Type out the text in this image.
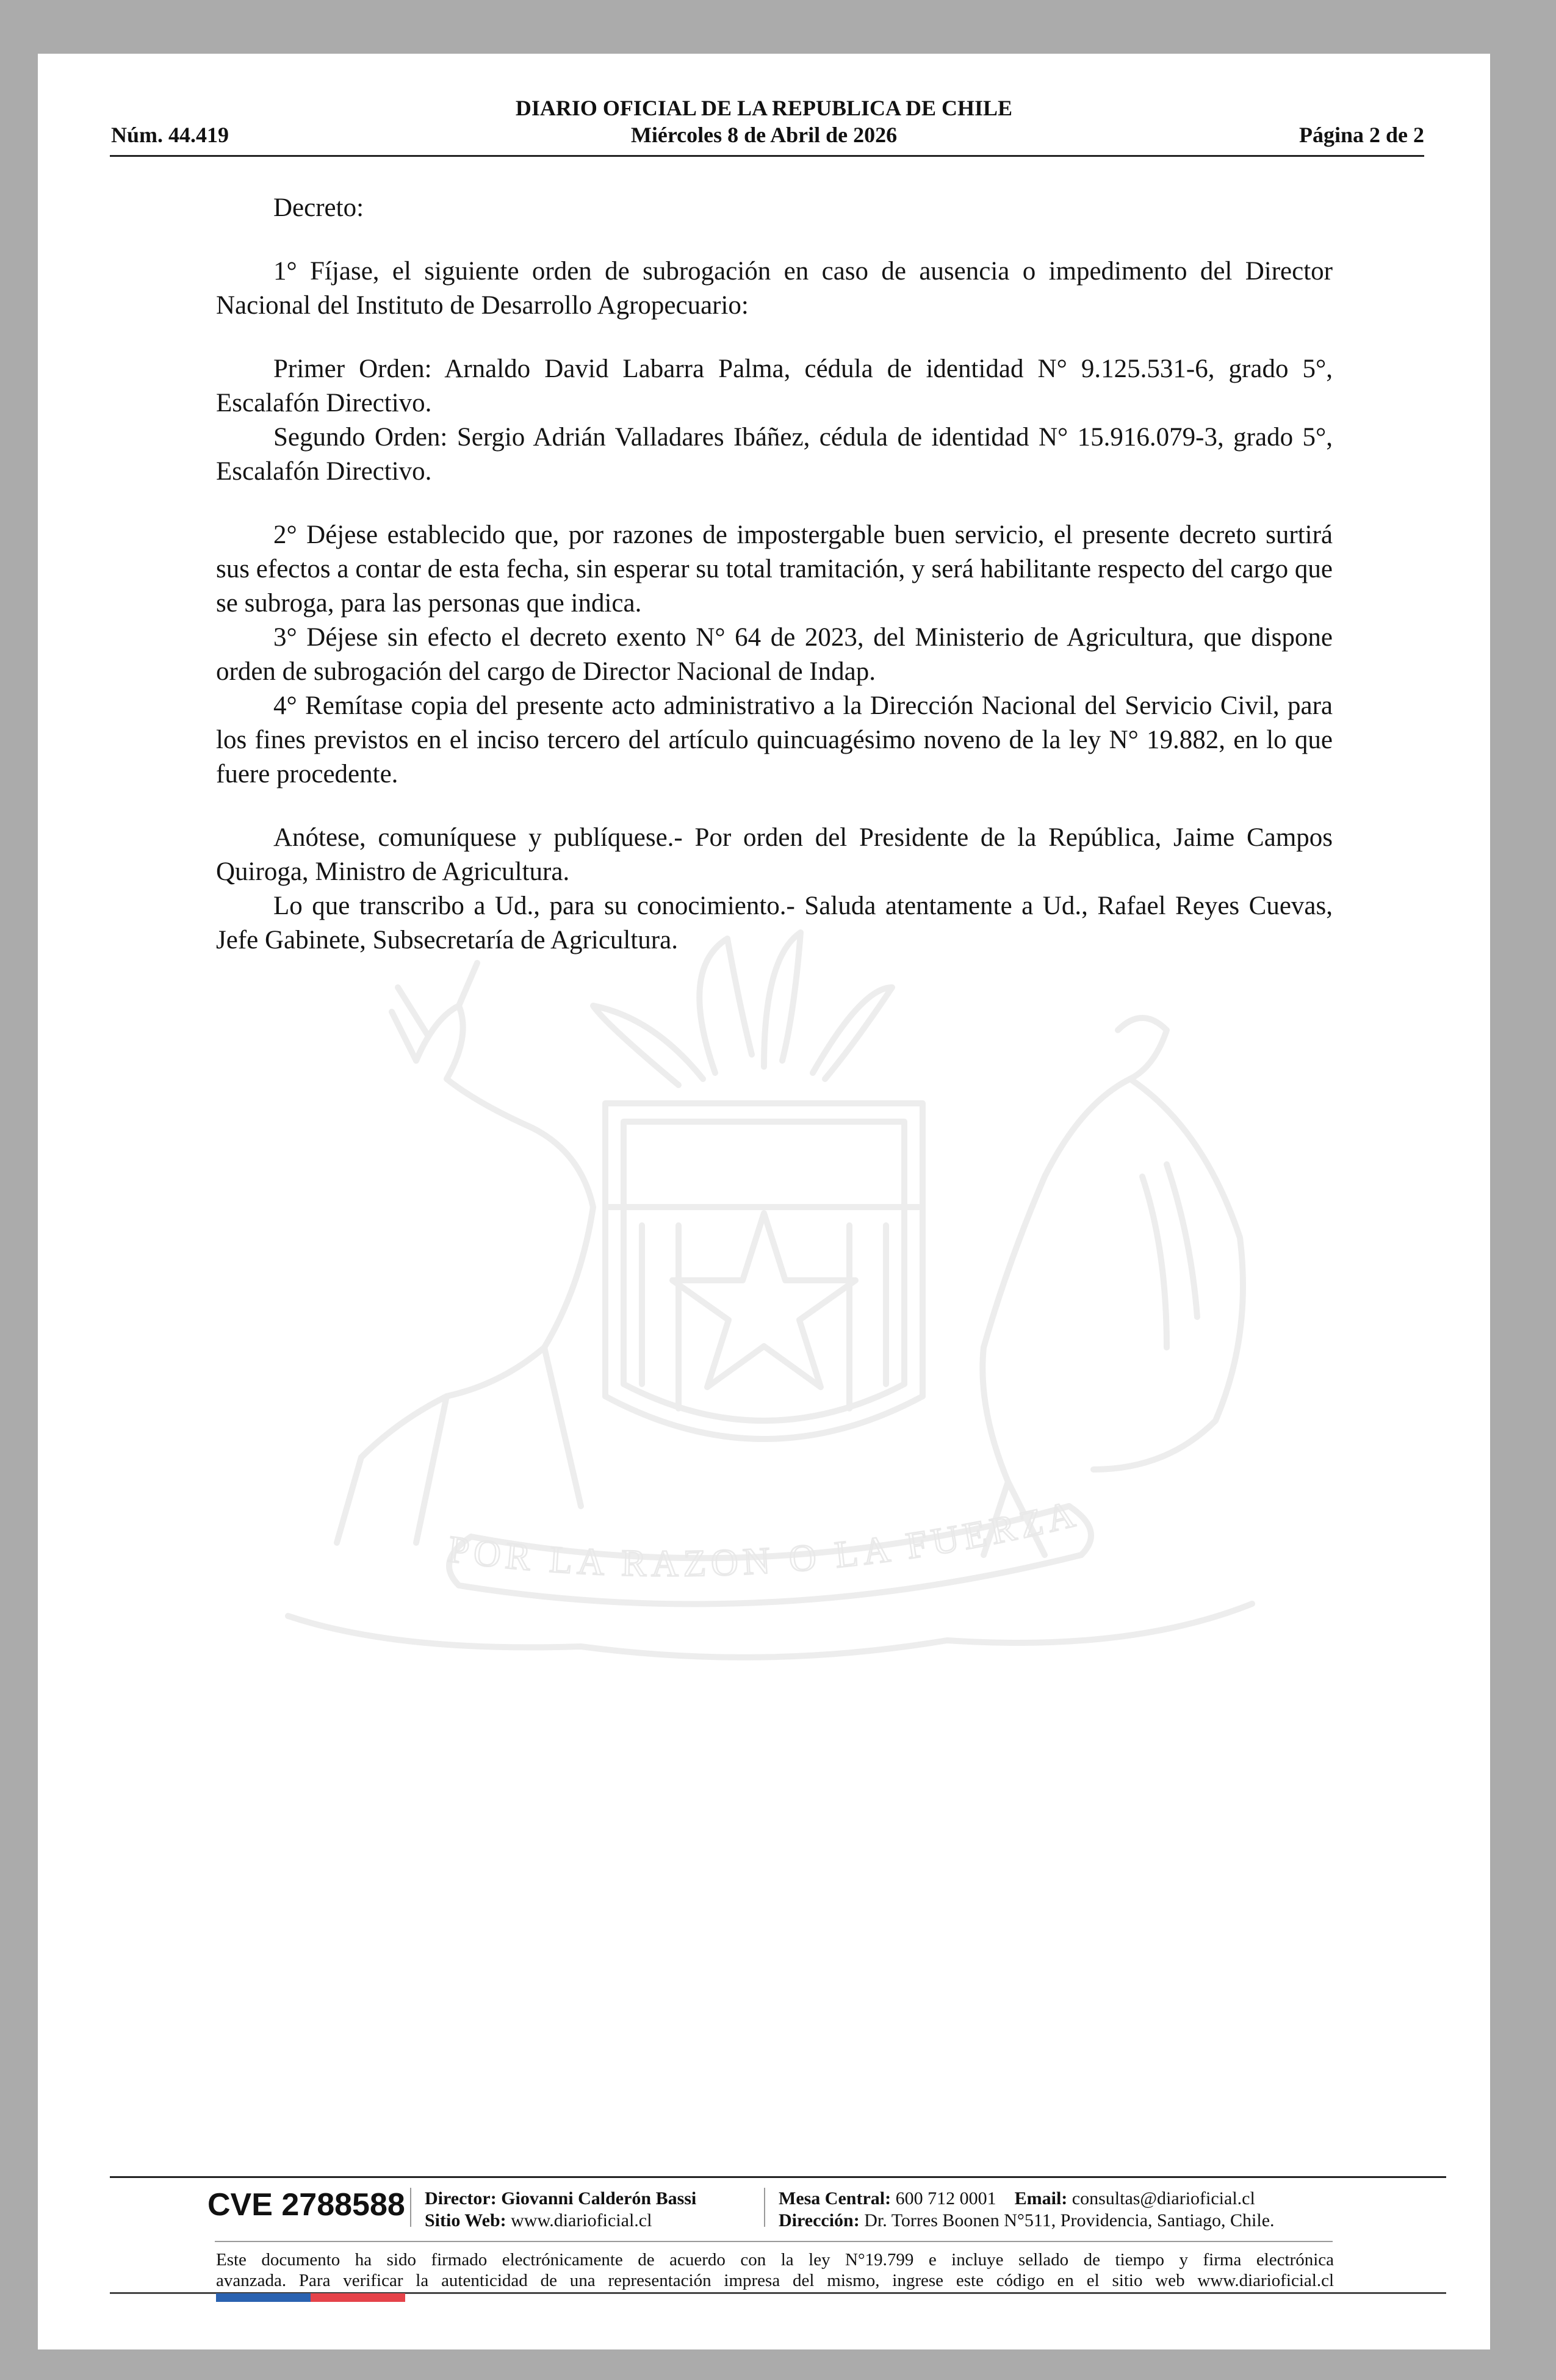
DIARIO OFICIAL DE LA REPUBLICA DE CHILE
Núm. 44.419	Miércoles 8 de Abril de 2026	Página 2 de 2
POR LA RAZON O LA FUERZA

Decreto:

1° Fíjase, el siguiente orden de subrogación en caso de ausencia o impedimento del Director Nacional del Instituto de Desarrollo Agropecuario:

Primer Orden: Arnaldo David Labarra Palma, cédula de identidad N° 9.125.531-6, grado 5°, Escalafón Directivo.

Segundo Orden: Sergio Adrián Valladares Ibáñez, cédula de identidad N° 15.916.079-3, grado 5°, Escalafón Directivo.

2° Déjese establecido que, por razones de impostergable buen servicio, el presente decreto surtirá sus efectos a contar de esta fecha, sin esperar su total tramitación, y será habilitante respecto del cargo que se subroga, para las personas que indica.

3° Déjese sin efecto el decreto exento N° 64 de 2023, del Ministerio de Agricultura, que dispone orden de subrogación del cargo de Director Nacional de Indap.

4° Remítase copia del presente acto administrativo a la Dirección Nacional del Servicio Civil, para los fines previstos en el inciso tercero del artículo quincuagésimo noveno de la ley N° 19.882, en lo que fuere procedente.

Anótese, comuníquese y publíquese.- Por orden del Presidente de la República, Jaime Campos Quiroga, Ministro de Agricultura.

Lo que transcribo a Ud., para su conocimiento.- Saluda atentamente a Ud., Rafael Reyes Cuevas, Jefe Gabinete, Subsecretaría de Agricultura.

CVE 2788588 Director: Giovanni Calderón Bassi
Sitio Web: www.diarioficial.cl
Mesa Central: 600 712 0001 Email: consultas@diarioficial.cl
Dirección: Dr. Torres Boonen N°511, Providencia, Santiago, Chile.
Este documento ha sido firmado electrónicamente de acuerdo con la ley N°19.799 e incluye sellado de tiempo y firma electrónica
avanzada. Para verificar la autenticidad de una representación impresa del mismo, ingrese este código en el sitio web www.diarioficial.cl
